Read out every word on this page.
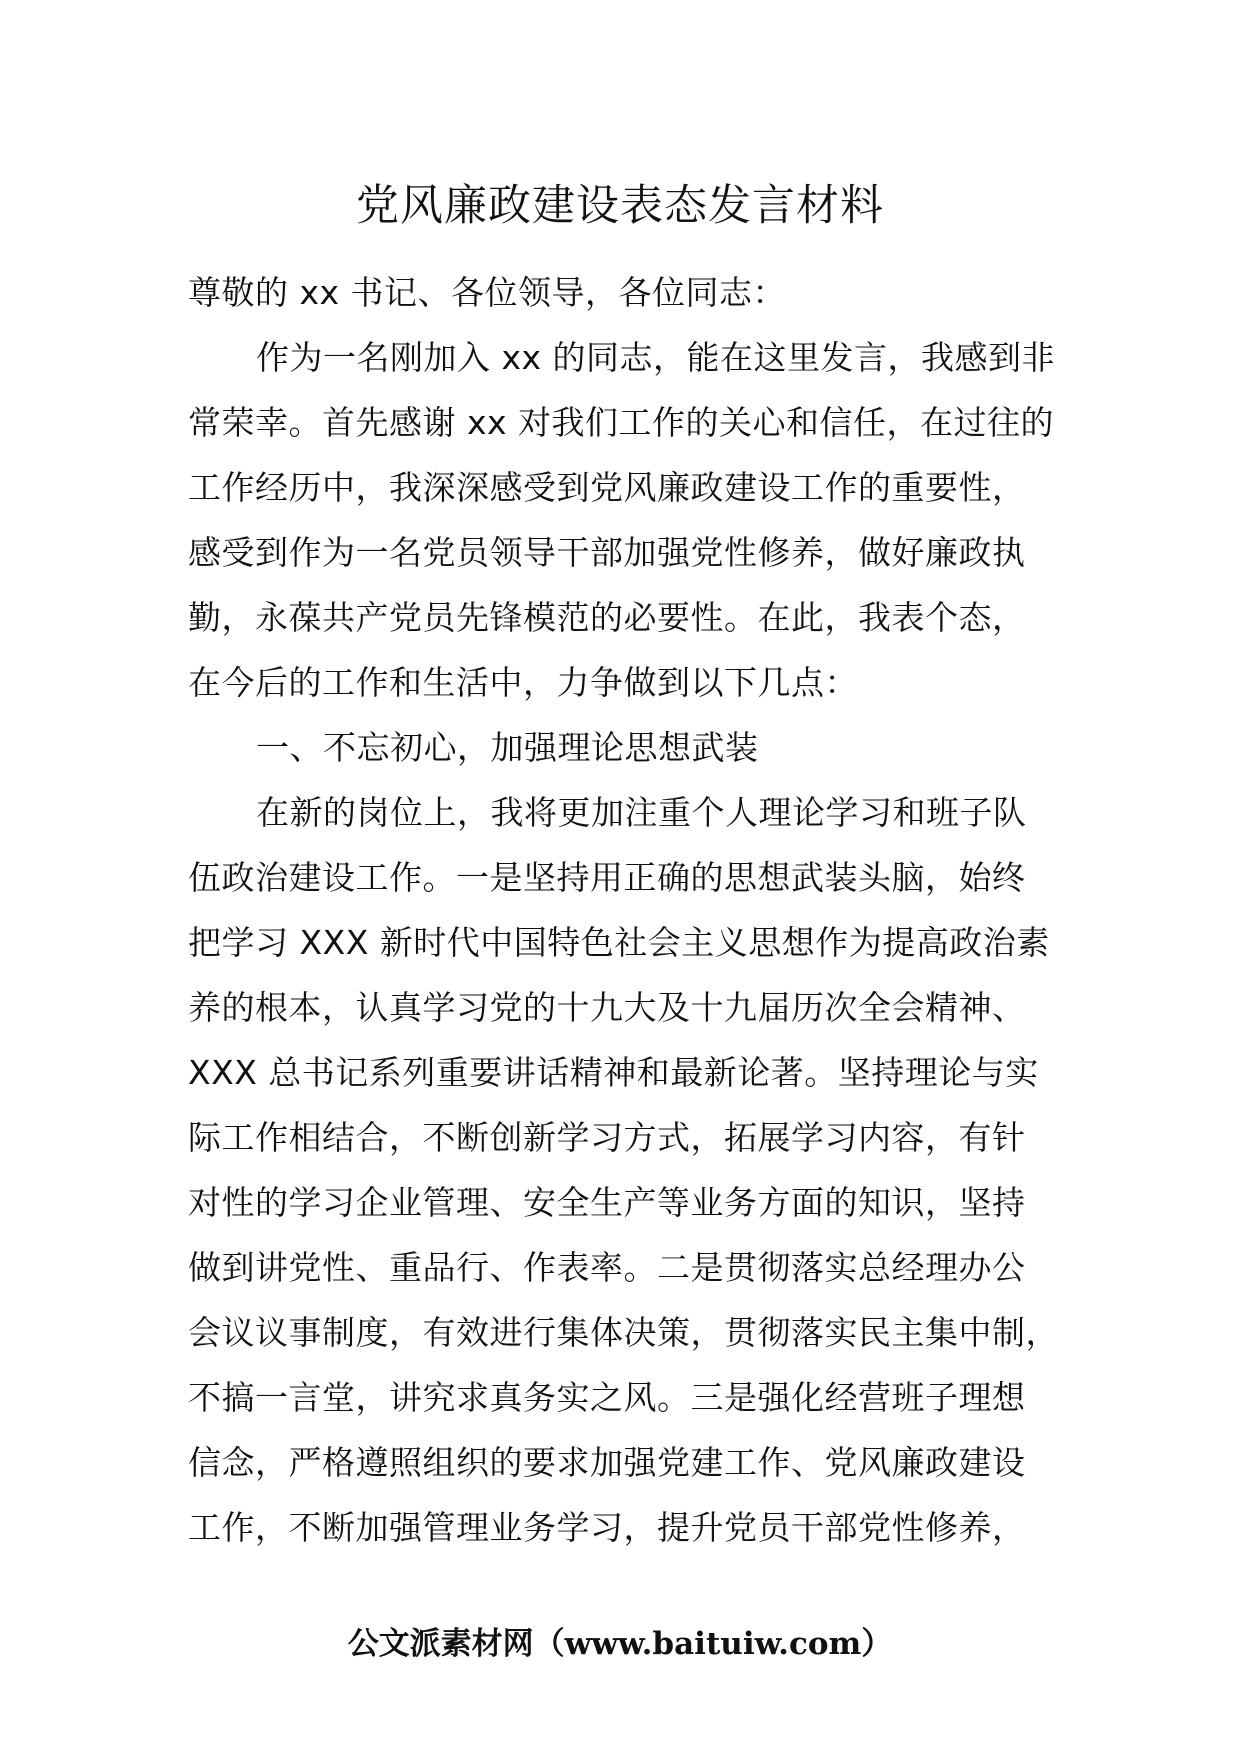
党风廉政建设表态发言材料
尊敬的 xx 书记、各位领导，各位同志：
作为一名刚加入 xx 的同志，能在这里发言，我感到非
常荣幸。首先感谢 xx 对我们工作的关心和信任，在过往的
工作经历中，我深深感受到党风廉政建设工作的重要性，
感受到作为一名党员领导干部加强党性修养，做好廉政执
勤，永葆共产党员先锋模范的必要性。在此，我表个态，
在今后的工作和生活中，力争做到以下几点：
一、不忘初心，加强理论思想武装
在新的岗位上，我将更加注重个人理论学习和班子队
伍政治建设工作。一是坚持用正确的思想武装头脑，始终
把学习 XXX 新时代中国特色社会主义思想作为提高政治素
养的根本，认真学习党的十九大及十九届历次全会精神、
XXX 总书记系列重要讲话精神和最新论著。坚持理论与实
际工作相结合，不断创新学习方式，拓展学习内容，有针
对性的学习企业管理、安全生产等业务方面的知识，坚持
做到讲党性、重品行、作表率。二是贯彻落实总经理办公
会议议事制度，有效进行集体决策，贯彻落实民主集中制，
不搞一言堂，讲究求真务实之风。三是强化经营班子理想
信念，严格遵照组织的要求加强党建工作、党风廉政建设
工作，不断加强管理业务学习，提升党员干部党性修养，
公文派素材网（www.baituiw.com）
